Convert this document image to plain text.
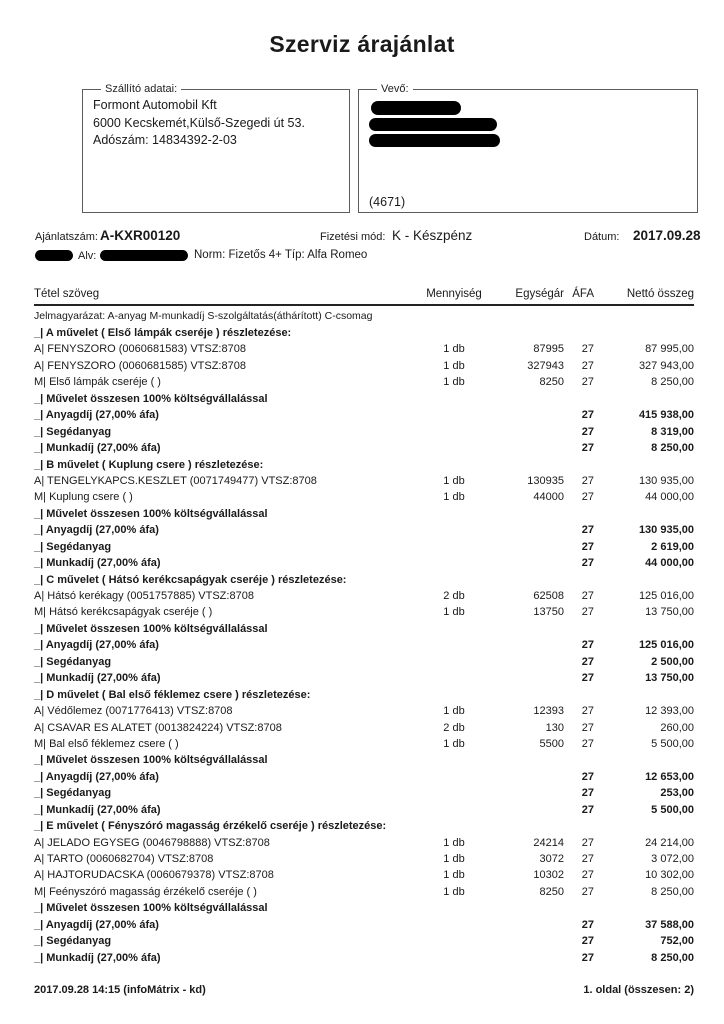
Szerviz árajánlat
Szállító adatai:
Formont Automobil Kft
6000 Kecskemét,Külső-Szegedi út 53.
Adószám: 14834392-2-03
Vevő:
(4671)
Ajánlatszám: A-KXR00120	Fizetési mód: K - Készpénz	Dátum: 2017.09.28
Alv:	Norm: Fizetős 4+ Típ: Alfa Romeo
Tétel szöveg	Mennyiség	Egységár ÁFA	Nettó összeg
Jelmagyarázat: A-anyag M-munkadíj S-szolgáltatás(áthárított) C-csomag
_| A művelet ( Első lámpák cseréje ) részletezése:
A| FENYSZORO (0060681583) VTSZ:8708	1 db	87995	27	87 995,00
A| FENYSZORO (0060681585) VTSZ:8708	1 db	327943	27	327 943,00
M| Első lámpák cseréje ( )	1 db	8250	27	8 250,00
_| Művelet összesen 100% költségvállalással
_| Anyagdíj (27,00% áfa)	27	415 938,00
_| Segédanyag	27	8 319,00
_| Munkadíj (27,00% áfa)	27	8 250,00
_| B művelet ( Kuplung csere ) részletezése:
A| TENGELYKAPCS.KESZLET (0071749477) VTSZ:8708	1 db	130935	27	130 935,00
M| Kuplung csere ( )	1 db	44000	27	44 000,00
_| Művelet összesen 100% költségvállalással
_| Anyagdíj (27,00% áfa)	27	130 935,00
_| Segédanyag	27	2 619,00
_| Munkadíj (27,00% áfa)	27	44 000,00
_| C művelet ( Hátsó kerékcsapágyak cseréje ) részletezése:
A| Hátsó kerékagy (0051757885) VTSZ:8708	2 db	62508	27	125 016,00
M| Hátsó kerékcsapágyak cseréje ( )	1 db	13750	27	13 750,00
_| Művelet összesen 100% költségvállalással
_| Anyagdíj (27,00% áfa)	27	125 016,00
_| Segédanyag	27	2 500,00
_| Munkadíj (27,00% áfa)	27	13 750,00
_| D művelet ( Bal első féklemez csere ) részletezése:
A| Védőlemez (0071776413) VTSZ:8708	1 db	12393	27	12 393,00
A| CSAVAR ES ALATET (0013824224) VTSZ:8708	2 db	130	27	260,00
M| Bal első féklemez csere ( )	1 db	5500	27	5 500,00
_| Művelet összesen 100% költségvállalással
_| Anyagdíj (27,00% áfa)	27	12 653,00
_| Segédanyag	27	253,00
_| Munkadíj (27,00% áfa)	27	5 500,00
_| E művelet ( Fényszóró magasság érzékelő cseréje ) részletezése:
A| JELADO EGYSEG (0046798888) VTSZ:8708	1 db	24214	27	24 214,00
A| TARTO (0060682704) VTSZ:8708	1 db	3072	27	3 072,00
A| HAJTORUDACSKA (0060679378) VTSZ:8708	1 db	10302	27	10 302,00
M| Feényszóró magasság érzékelő cseréje ( )	1 db	8250	27	8 250,00
_| Művelet összesen 100% költségvállalással
_| Anyagdíj (27,00% áfa)	27	37 588,00
_| Segédanyag	27	752,00
_| Munkadíj (27,00% áfa)	27	8 250,00
2017.09.28 14:15 (infoMátrix - kd)	1. oldal (összesen: 2)
